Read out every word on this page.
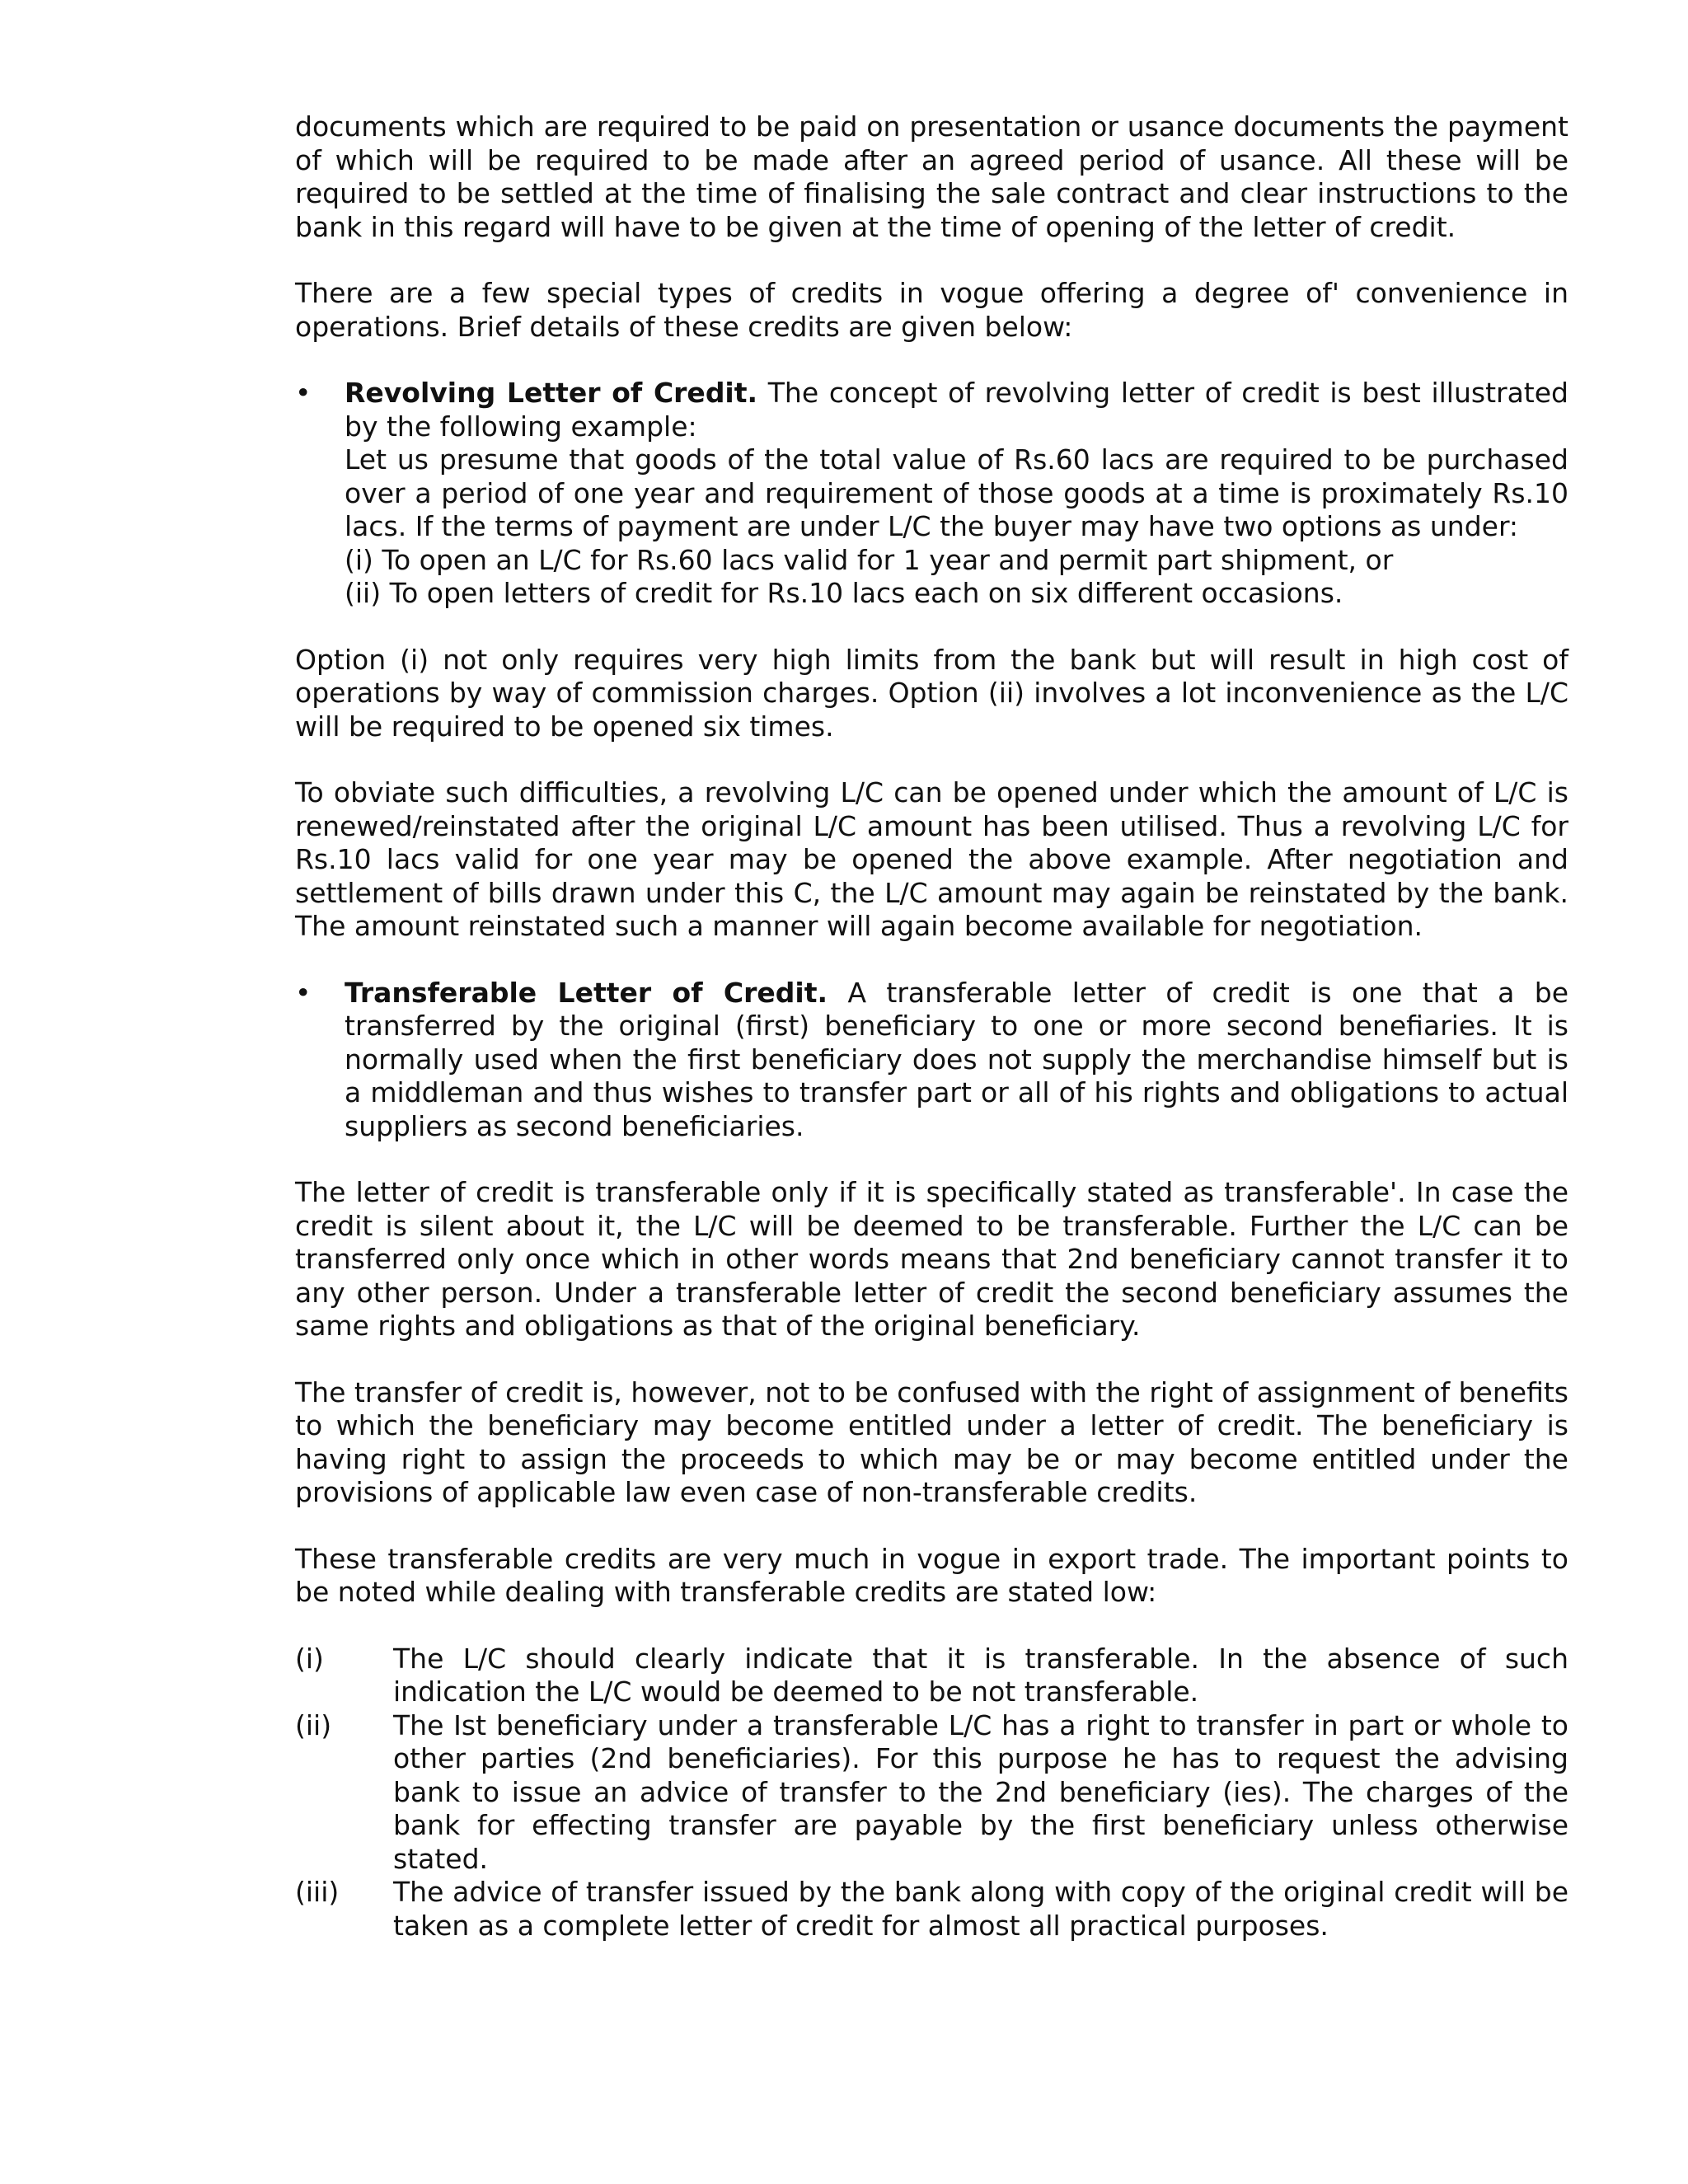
documents which are required to be paid on presentation or usance documents the payment of which will be required to be made after an agreed period of usance. All these will be required to be settled at the time of finalising the sale contract and clear instructions to the bank in this regard will have to be given at the time of opening of the letter of credit.

There are a few special types of credits in vogue offering a degree of' convenience in operations. Brief details of these credits are given below:

• Revolving Letter of Credit. The concept of revolving letter of credit is best illustrated by the following example:
Let us presume that goods of the total value of Rs.60 lacs are required to be purchased over a period of one year and requirement of those goods at a time is proximately Rs.10 lacs. If the terms of payment are under L/C the buyer may have two options as under:
(i) To open an L/C for Rs.60 lacs valid for 1 year and permit part shipment, or
(ii) To open letters of credit for Rs.10 lacs each on six different occasions.

Option (i) not only requires very high limits from the bank but will result in high cost of operations by way of commission charges. Option (ii) involves a lot inconvenience as the L/C will be required to be opened six times.

To obviate such difficulties, a revolving L/C can be opened under which the amount of L/C is renewed/reinstated after the original L/C amount has been utilised. Thus a revolving L/C for Rs.10 lacs valid for one year may be opened the above example. After negotiation and settlement of bills drawn under this C, the L/C amount may again be reinstated by the bank. The amount reinstated such a manner will again become available for negotiation.

• Transferable Letter of Credit. A transferable letter of credit is one that a be transferred by the original (first) beneficiary to one or more second benefiaries. It is normally used when the first beneficiary does not supply the merchandise himself but is a middleman and thus wishes to transfer part or all of his rights and obligations to actual suppliers as second beneficiaries.

The letter of credit is transferable only if it is specifically stated as transferable'. In case the credit is silent about it, the L/C will be deemed to be transferable. Further the L/C can be transferred only once which in other words means that 2nd beneficiary cannot transfer it to any other person. Under a transferable letter of credit the second beneficiary assumes the same rights and obligations as that of the original beneficiary.

The transfer of credit is, however, not to be confused with the right of assignment of benefits to which the beneficiary may become entitled under a letter of credit. The beneficiary is having right to assign the proceeds to which may be or may become entitled under the provisions of applicable law even case of non-transferable credits.

These transferable credits are very much in vogue in export trade. The important points to be noted while dealing with transferable credits are stated low:

(i)	The L/C should clearly indicate that it is transferable. In the absence of such indication the L/C would be deemed to be not transferable.
(ii) The Ist beneficiary under a transferable L/C has a right to transfer in part or whole to other parties (2nd beneficiaries). For this purpose he has to request the advising bank to issue an advice of transfer to the 2nd beneficiary (ies). The charges of the bank for effecting transfer are payable by the first beneficiary unless otherwise stated.
(iii) The advice of transfer issued by the bank along with copy of the original credit will be taken as a complete letter of credit for almost all practical purposes.
